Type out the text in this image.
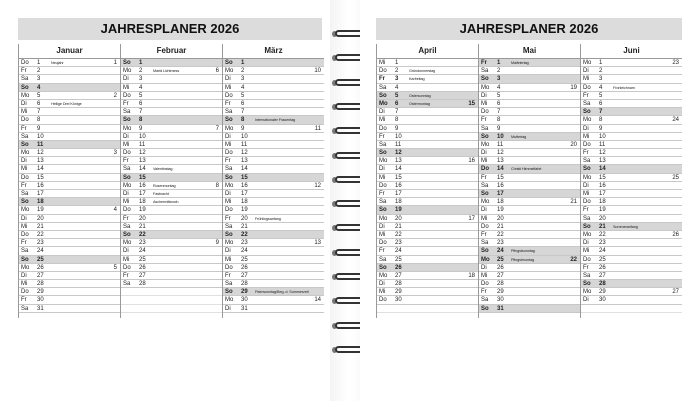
JAHRESPLANER 2026
Januar
Do 1	Neujahr	1
Fr 2
Sa 3
So 4
Mo 5	2
Di 6	Heilige Drei Könige
Mi 7
Do 8
Fr 9
Sa 10
So 11
Mo 12	3
Di 13
Mi 14
Do 15
Fr 16
Sa 17
So 18
Mo 19	4
Di 20
Mi 21
Do 22
Fr 23
Sa 24
So 25
Mo 26	5
Di 27
Mi 28
Do 29
Fr 30
Sa 31
Februar
So 1
Mo 2	Mariä Lichtmess	6
Di 3
Mi 4
Do 5
Fr 6
Sa 7
So 8
Mo 9	7
Di 10
Mi 11
Do 12
Fr 13
Sa 14 Valentinstag
So 15
Mo 16 Rosenmontag	8
Di 17 Fastnacht
Mi 18 Aschermittwoch
Do 19
Fr 20
Sa 21
So 22
Mo 23	9
Di 24
Mi 25
Do 26
Fr 27
Sa 28
März
So 1
Mo 2	10
Di 3
Mi 4
Do 5
Fr 6
Sa 7
So 8	Internationaler Frauentag
Mo 9	11
Di 10
Mi 11
Do 12
Fr 13
Sa 14
So 15
Mo 16	12
Di 17
Mi 18
Do 19
Fr 20 Frühlingsanfang
Sa 21
So 22
Mo 23	13
Di 24
Mi 25
Do 26
Fr 27
Sa 28
So 29 Palmsonntag/Beg. d. Sommerzeit
Mo 30	14
Di 31
JAHRESPLANER 2026
April
Mi 1
Do 2	Gründonnerstag
Fr 3	Karfreitag
Sa 4
So 5	Ostersonntag
Mo 6	Ostermontag	15
Di 7
Mi 8
Do 9
Fr 10
Sa 11
So 12
Mo 13	16
Di 14
Mi 15
Do 16
Fr 17
Sa 18
So 19
Mo 20	17
Di 21
Mi 22
Do 23
Fr 24
Sa 25
So 26
Mo 27	18
Di 28
Mi 29
Do 30
Mai
Fr 1	Maifeiertag
Sa 2
So 3
Mo 4	19
Di 5
Mi 6
Do 7
Fr 8
Sa 9
So 10 Muttertag
Mo 11	20
Di 12
Mi 13
Do 14 Christi Himmelfahrt
Fr 15
Sa 16
So 17
Mo 18	21
Di 19
Mi 20
Do 21
Fr 22
Sa 23
So 24 Pfingstsonntag
Mo 25 Pfingstmontag	22
Di 26
Mi 27
Do 28
Fr 29
Sa 30
So 31
Juni
Mo 1	23
Di 2
Mi 3
Do 4	Fronleichnam
Fr 5
Sa 6
So 7
Mo 8	24
Di 9
Mi 10
Do 11
Fr 12
Sa 13
So 14
Mo 15	25
Di 16
Mi 17
Do 18
Fr 19
Sa 20
So 21 Sommeranfang
Mo 22	26
Di 23
Mi 24
Do 25
Fr 26
Sa 27
So 28
Mo 29	27
Di 30
